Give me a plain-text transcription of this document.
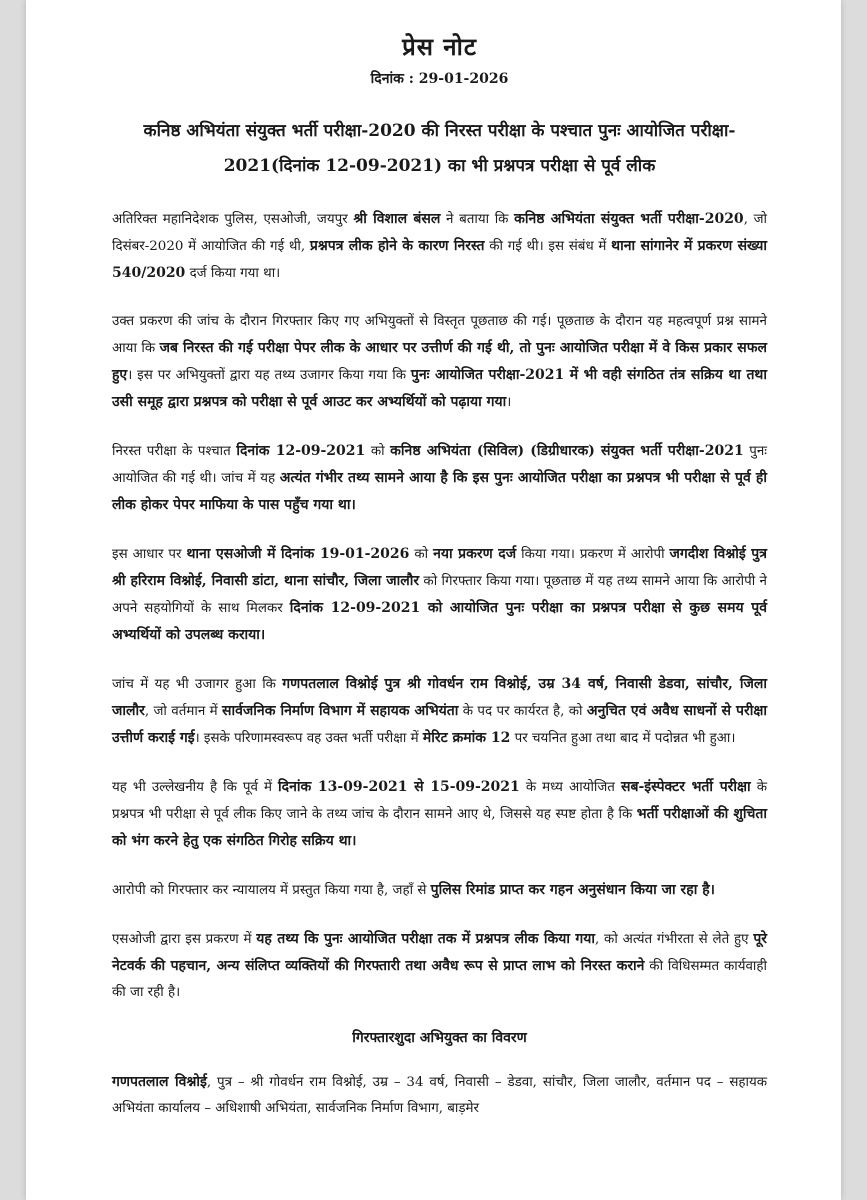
प्रेस नोट
दिनांक : 29-01-2026
कनिष्ठ अभियंता संयुक्त भर्ती परीक्षा-2020 की निरस्त परीक्षा के पश्चात पुनः आयोजित परीक्षा-
2021(दिनांक 12-09-2021) का भी प्रश्नपत्र परीक्षा से पूर्व लीक

अतिरिक्त महानिदेशक पुलिस, एसओजी, जयपुर श्री विशाल बंसल ने बताया कि कनिष्ठ अभियंता संयुक्त भर्ती परीक्षा-2020, जो दिसंबर-2020 में आयोजित की गई थी, प्रश्नपत्र लीक होने के कारण निरस्त की गई थी। इस संबंध में थाना सांगानेर में प्रकरण संख्या 540/2020 दर्ज किया गया था।

उक्त प्रकरण की जांच के दौरान गिरफ्तार किए गए अभियुक्तों से विस्तृत पूछताछ की गई। पूछताछ के दौरान यह महत्वपूर्ण प्रश्न सामने आया कि जब निरस्त की गई परीक्षा पेपर लीक के आधार पर उत्तीर्ण की गई थी, तो पुनः आयोजित परीक्षा में वे किस प्रकार सफल हुए। इस पर अभियुक्तों द्वारा यह तथ्य उजागर किया गया कि पुनः आयोजित परीक्षा-2021 में भी वही संगठित तंत्र सक्रिय था तथा उसी समूह द्वारा प्रश्नपत्र को परीक्षा से पूर्व आउट कर अभ्यर्थियों को पढ़ाया गया।

निरस्त परीक्षा के पश्चात दिनांक 12-09-2021 को कनिष्ठ अभियंता (सिविल) (डिग्रीधारक) संयुक्त भर्ती परीक्षा-2021 पुनः आयोजित की गई थी। जांच में यह अत्यंत गंभीर तथ्य सामने आया है कि इस पुनः आयोजित परीक्षा का प्रश्नपत्र भी परीक्षा से पूर्व ही लीक होकर पेपर माफिया के पास पहुँच गया था।

इस आधार पर थाना एसओजी में दिनांक 19-01-2026 को नया प्रकरण दर्ज किया गया। प्रकरण में आरोपी जगदीश विश्नोई पुत्र श्री हरिराम विश्नोई, निवासी डांटा, थाना सांचौर, जिला जालौर को गिरफ्तार किया गया। पूछताछ में यह तथ्य सामने आया कि आरोपी ने अपने सहयोगियों के साथ मिलकर दिनांक 12-09-2021 को आयोजित पुनः परीक्षा का प्रश्नपत्र परीक्षा से कुछ समय पूर्व अभ्यर्थियों को उपलब्ध कराया।

जांच में यह भी उजागर हुआ कि गणपतलाल विश्नोई पुत्र श्री गोवर्धन राम विश्नोई, उम्र 34 वर्ष, निवासी डेडवा, सांचौर, जिला जालौर, जो वर्तमान में सार्वजनिक निर्माण विभाग में सहायक अभियंता के पद पर कार्यरत है, को अनुचित एवं अवैध साधनों से परीक्षा उत्तीर्ण कराई गई। इसके परिणामस्वरूप वह उक्त भर्ती परीक्षा में मेरिट क्रमांक 12 पर चयनित हुआ तथा बाद में पदोन्नत भी हुआ।

यह भी उल्लेखनीय है कि पूर्व में दिनांक 13-09-2021 से 15-09-2021 के मध्य आयोजित सब-इंस्पेक्टर भर्ती परीक्षा के प्रश्नपत्र भी परीक्षा से पूर्व लीक किए जाने के तथ्य जांच के दौरान सामने आए थे, जिससे यह स्पष्ट होता है कि भर्ती परीक्षाओं की शुचिता को भंग करने हेतु एक संगठित गिरोह सक्रिय था।

आरोपी को गिरफ्तार कर न्यायालय में प्रस्तुत किया गया है, जहाँ से पुलिस रिमांड प्राप्त कर गहन अनुसंधान किया जा रहा है।

एसओजी द्वारा इस प्रकरण में यह तथ्य कि पुनः आयोजित परीक्षा तक में प्रश्नपत्र लीक किया गया, को अत्यंत गंभीरता से लेते हुए पूरे नेटवर्क की पहचान, अन्य संलिप्त व्यक्तियों की गिरफ्तारी तथा अवैध रूप से प्राप्त लाभ को निरस्त कराने की विधिसम्मत कार्यवाही की जा रही है।

गिरफ्तारशुदा अभियुक्त का विवरण

गणपतलाल विश्नोई, पुत्र – श्री गोवर्धन राम विश्नोई, उम्र – 34 वर्ष, निवासी – डेडवा, सांचौर, जिला जालौर, वर्तमान पद – सहायक अभियंता कार्यालय – अधिशाषी अभियंता, सार्वजनिक निर्माण विभाग, बाड़मेर
